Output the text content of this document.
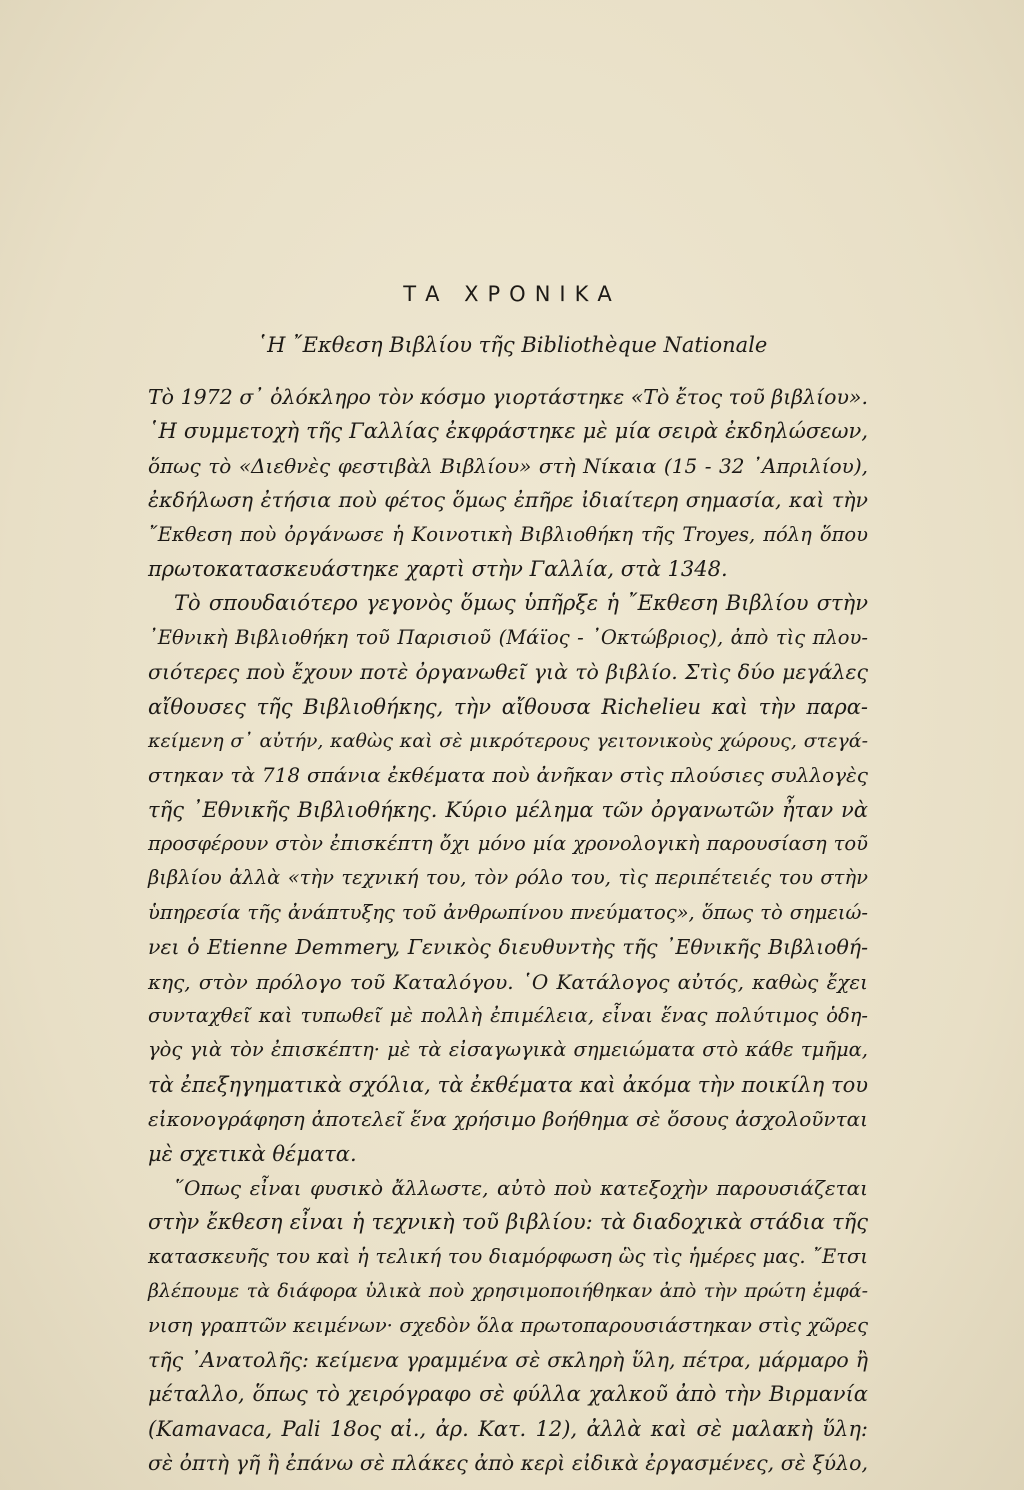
ΤΑ ΧΡΟΝΙΚΑ
῾Η ῎Εκθεση Βιβλίου τῆς Bibliothèque Nationale
Τὸ 1972 σ᾽ ὁλόκληρο τὸν κόσμο γιορτάστηκε «Τὸ ἔτος τοῦ βιβλίου».
῾Η συμμετοχὴ τῆς Γαλλίας ἐκφράστηκε μὲ μία σειρὰ ἐκδηλώσεων,
ὅπως τὸ «Διεθνὲς φεστιβὰλ Βιβλίου» στὴ Νίκαια (15 - 32 ᾽Απριλίου),
ἐκδήλωση ἐτήσια ποὺ φέτος ὅμως ἐπῆρε ἰδιαίτερη σημασία, καὶ τὴν
῎Εκθεση ποὺ ὀργάνωσε ἡ Κοινοτικὴ Βιβλιοθήκη τῆς Troyes, πόλη ὅπου
πρωτοκατασκευάστηκε χαρτὶ στὴν Γαλλία, στὰ 1348.
Τὸ σπουδαιότερο γεγονὸς ὅμως ὑπῆρξε ἡ ῎Εκθεση Βιβλίου στὴν
᾽Εθνικὴ Βιβλιοθήκη τοῦ Παρισιοῦ (Μάϊος - ᾽Οκτώβριος), ἀπὸ τὶς πλου-
σιότερες ποὺ ἔχουν ποτὲ ὀργανωθεῖ γιὰ τὸ βιβλίο. Στὶς δύο μεγάλες
αἴθουσες τῆς Βιβλιοθήκης, τὴν αἴθουσα Richelieu καὶ τὴν παρα-
κείμενη σ᾽ αὐτήν, καθὼς καὶ σὲ μικρότερους γειτονικοὺς χώρους, στεγά-
στηκαν τὰ 718 σπάνια ἐκθέματα ποὺ ἀνῆκαν στὶς πλούσιες συλλογὲς
τῆς ᾽Εθνικῆς Βιβλιοθήκης. Κύριο μέλημα τῶν ὀργανωτῶν ἦταν νὰ
προσφέρουν στὸν ἐπισκέπτη ὄχι μόνο μία χρονολογικὴ παρουσίαση τοῦ
βιβλίου ἀλλὰ «τὴν τεχνική του, τὸν ρόλο του, τὶς περιπέτειές του στὴν
ὑπηρεσία τῆς ἀνάπτυξης τοῦ ἀνθρωπίνου πνεύματος», ὅπως τὸ σημειώ-
νει ὁ Etienne Demmery, Γενικὸς διευθυντὴς τῆς ᾽Εθνικῆς Βιβλιοθή-
κης, στὸν πρόλογο τοῦ Καταλόγου. ῾Ο Κατάλογος αὐτός, καθὼς ἔχει
συνταχθεῖ καὶ τυπωθεῖ μὲ πολλὴ ἐπιμέλεια, εἶναι ἕνας πολύτιμος ὁδη-
γὸς γιὰ τὸν ἐπισκέπτη· μὲ τὰ εἰσαγωγικὰ σημειώματα στὸ κάθε τμῆμα,
τὰ ἐπεξηγηματικὰ σχόλια, τὰ ἐκθέματα καὶ ἀκόμα τὴν ποικίλη του
εἰκονογράφηση ἀποτελεῖ ἕνα χρήσιμο βοήθημα σὲ ὅσους ἀσχολοῦνται
μὲ σχετικὰ θέματα.
῞Οπως εἶναι φυσικὸ ἄλλωστε, αὐτὸ ποὺ κατεξοχὴν παρουσιάζεται
στὴν ἔκθεση εἶναι ἡ τεχνικὴ τοῦ βιβλίου: τὰ διαδοχικὰ στάδια τῆς
κατασκευῆς του καὶ ἡ τελική του διαμόρφωση ὣς τὶς ἡμέρες μας. ῎Ετσι
βλέπουμε τὰ διάφορα ὑλικὰ ποὺ χρησιμοποιήθηκαν ἀπὸ τὴν πρώτη ἐμφά-
νιση γραπτῶν κειμένων· σχεδὸν ὅλα πρωτοπαρουσιάστηκαν στὶς χῶρες
τῆς ᾽Ανατολῆς: κείμενα γραμμένα σὲ σκληρὴ ὕλη, πέτρα, μάρμαρο ἢ
μέταλλο, ὅπως τὸ χειρόγραφο σὲ φύλλα χαλκοῦ ἀπὸ τὴν Βιρμανία
(Kamavaca, Pali 18ος αἰ., ἀρ. Κατ. 12), ἀλλὰ καὶ σὲ μαλακὴ ὕλη:
σὲ ὀπτὴ γῆ ἢ ἐπάνω σὲ πλάκες ἀπὸ κερὶ εἰδικὰ ἐργασμένες, σὲ ξύλο,
